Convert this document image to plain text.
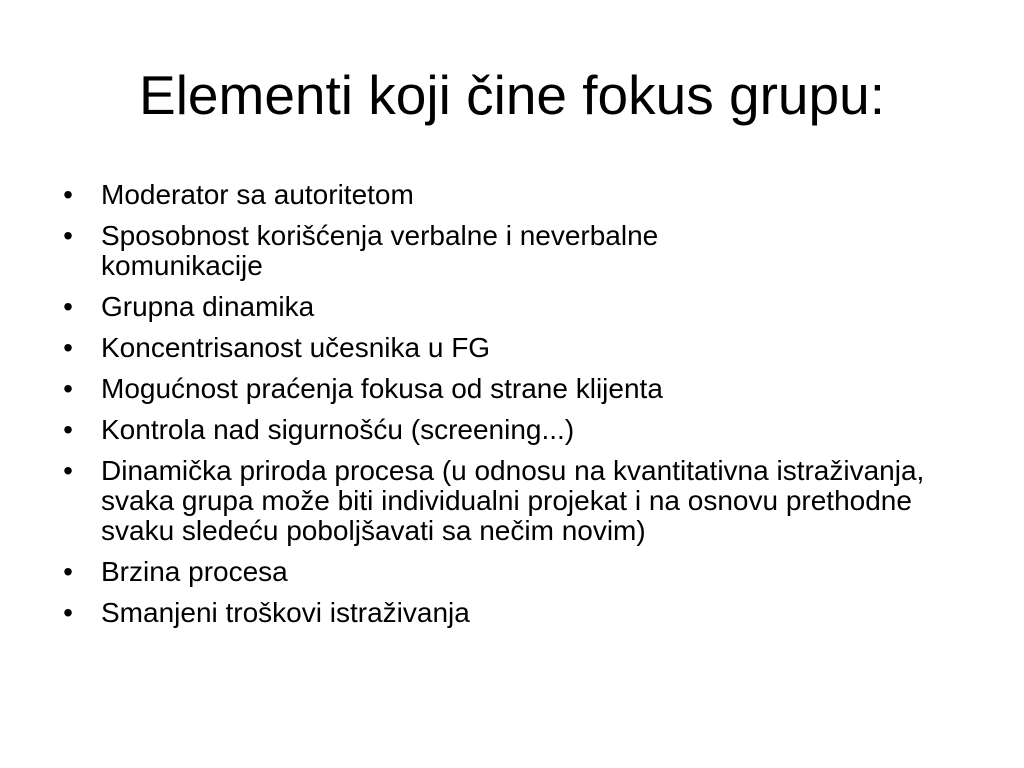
Elementi koji čine fokus grupu:
• Moderator sa autoritetom
• Sposobnost korišćenja verbalne i neverbalne komunikacije
• Grupna dinamika
• Koncentrisanost učesnika u FG
• Mogućnost praćenja fokusa od strane klijenta
• Kontrola nad sigurnošću (screening...)
• Dinamička priroda procesa (u odnosu na kvantitativna istraživanja, svaka grupa može biti individualni projekat i na osnovu prethodne svaku sledeću poboljšavati sa nečim novim)
• Brzina procesa
• Smanjeni troškovi istraživanja
